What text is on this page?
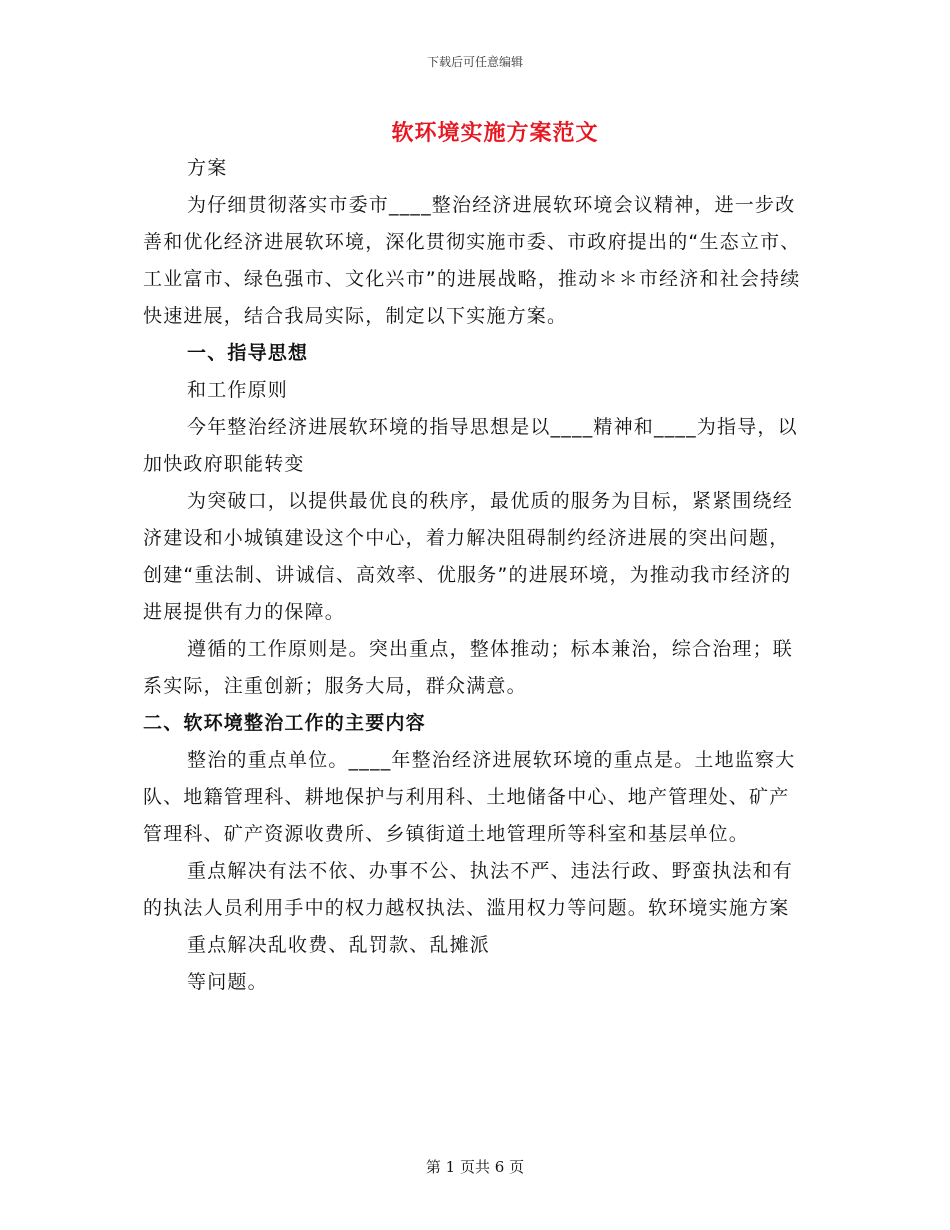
下载后可任意编辑
软环境实施方案范文

方案

为仔细贯彻落实市委市____整治经济进展软环境会议精神，进一步改善和优化经济进展软环境，深化贯彻实施市委、市政府提出的“生态立市、工业富市、绿色强市、文化兴市”的进展战略，推动＊＊市经济和社会持续快速进展，结合我局实际，制定以下实施方案。

一、指导思想

和工作原则

今年整治经济进展软环境的指导思想是以____精神和____为指导，以加快政府职能转变

为突破口，以提供最优良的秩序，最优质的服务为目标，紧紧围绕经济建设和小城镇建设这个中心，着力解决阻碍制约经济进展的突出问题，创建“重法制、讲诚信、高效率、优服务”的进展环境，为推动我市经济的进展提供有力的保障。

遵循的工作原则是。突出重点，整体推动；标本兼治，综合治理；联系实际，注重创新；服务大局，群众满意。

二、软环境整治工作的主要内容

整治的重点单位。____年整治经济进展软环境的重点是。土地监察大队、地籍管理科、耕地保护与利用科、土地储备中心、地产管理处、矿产管理科、矿产资源收费所、乡镇街道土地管理所等科室和基层单位。

重点解决有法不依、办事不公、执法不严、违法行政、野蛮执法和有的执法人员利用手中的权力越权执法、滥用权力等问题。软环境实施方案

重点解决乱收费、乱罚款、乱摊派

等问题。

第 1 页共 6 页
